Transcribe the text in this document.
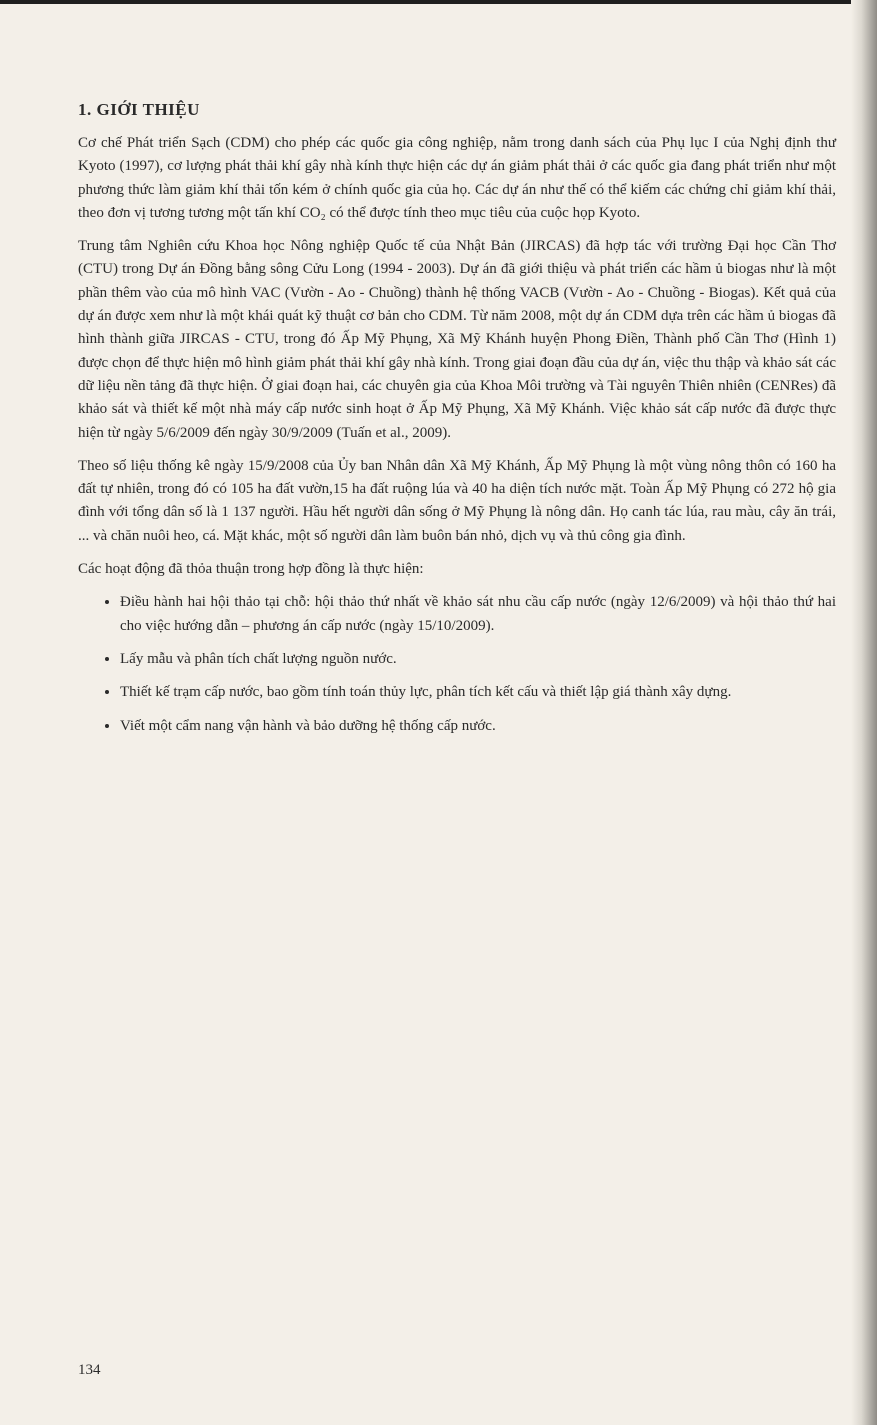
1. GIỚI THIỆU

Cơ chế Phát triển Sạch (CDM) cho phép các quốc gia công nghiệp, nằm trong danh sách của Phụ lục I của Nghị định thư Kyoto (1997), cơ lượng phát thải khí gây nhà kính thực hiện các dự án giảm phát thải ở các quốc gia đang phát triển như một phương thức làm giảm khí thải tốn kém ở chính quốc gia của họ. Các dự án như thế có thể kiếm các chứng chỉ giảm khí thải, theo đơn vị tương tương một tấn khí CO₂ có thể được tính theo mục tiêu của cuộc họp Kyoto.

Trung tâm Nghiên cứu Khoa học Nông nghiệp Quốc tế của Nhật Bản (JIRCAS) đã hợp tác với trường Đại học Cần Thơ (CTU) trong Dự án Đồng bằng sông Cửu Long (1994 - 2003). Dự án đã giới thiệu và phát triển các hầm ủ biogas như là một phần thêm vào của mô hình VAC (Vườn - Ao - Chuồng) thành hệ thống VACB (Vườn - Ao - Chuồng - Biogas). Kết quả của dự án được xem như là một khái quát kỹ thuật cơ bản cho CDM. Từ năm 2008, một dự án CDM dựa trên các hầm ủ biogas đã hình thành giữa JIRCAS - CTU, trong đó Ấp Mỹ Phụng, Xã Mỹ Khánh huyện Phong Điền, Thành phố Cần Thơ (Hình 1) được chọn để thực hiện mô hình giảm phát thải khí gây nhà kính. Trong giai đoạn đầu của dự án, việc thu thập và khảo sát các dữ liệu nền tảng đã thực hiện. Ở giai đoạn hai, các chuyên gia của Khoa Môi trường và Tài nguyên Thiên nhiên (CENRes) đã khảo sát và thiết kế một nhà máy cấp nước sinh hoạt ở Ấp Mỹ Phụng, Xã Mỹ Khánh. Việc khảo sát cấp nước đã được thực hiện từ ngày 5/6/2009 đến ngày 30/9/2009 (Tuấn et al., 2009).

Theo số liệu thống kê ngày 15/9/2008 của Ủy ban Nhân dân Xã Mỹ Khánh, Ấp Mỹ Phụng là một vùng nông thôn có 160 ha đất tự nhiên, trong đó có 105 ha đất vườn,15 ha đất ruộng lúa và 40 ha diện tích nước mặt. Toàn Ấp Mỹ Phụng có 272 hộ gia đình với tổng dân số là 1 137 người. Hầu hết người dân sống ở Mỹ Phụng là nông dân. Họ canh tác lúa, rau màu, cây ăn trái, ... và chăn nuôi heo, cá. Mặt khác, một số người dân làm buôn bán nhỏ, dịch vụ và thủ công gia đình.

Các hoạt động đã thỏa thuận trong hợp đồng là thực hiện:

• Điều hành hai hội thảo tại chỗ: hội thảo thứ nhất về khảo sát nhu cầu cấp nước (ngày 12/6/2009) và hội thảo thứ hai cho việc hướng dẫn – phương án cấp nước (ngày 15/10/2009).
• Lấy mẫu và phân tích chất lượng nguồn nước.
• Thiết kế trạm cấp nước, bao gồm tính toán thủy lực, phân tích kết cấu và thiết lập giá thành xây dựng.
• Viết một cẩm nang vận hành và bảo dưỡng hệ thống cấp nước.
134
